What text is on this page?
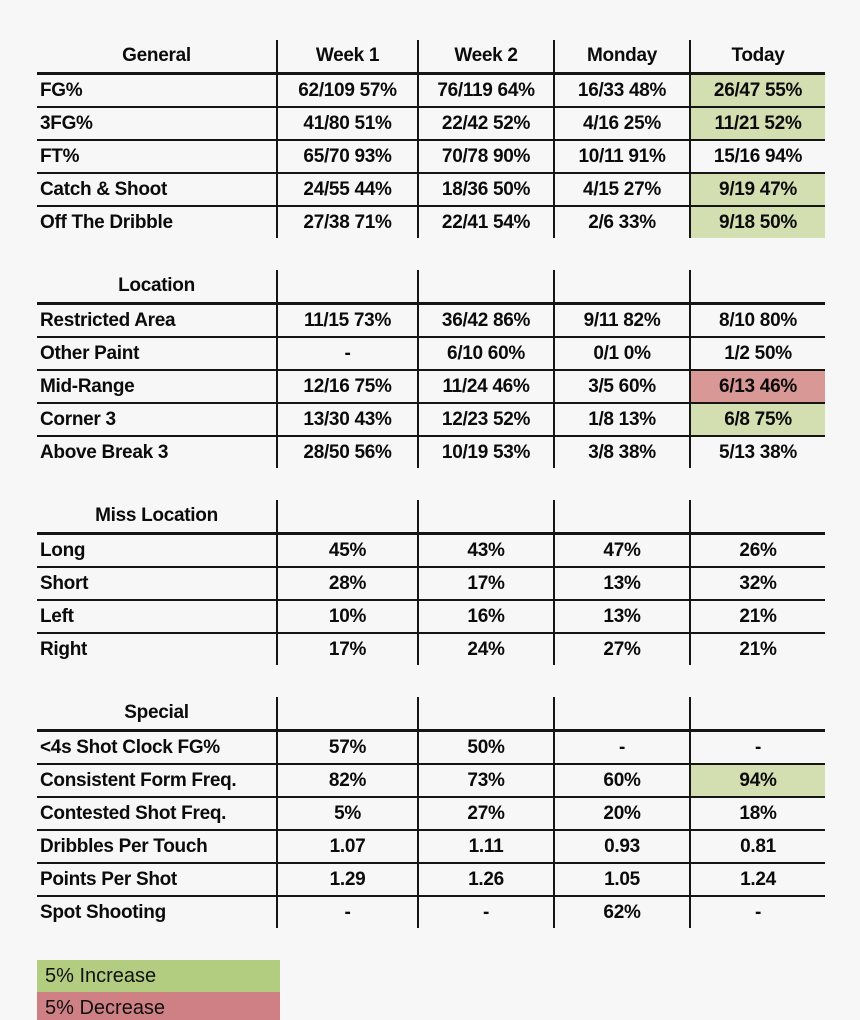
General	Week 1	Week 2	Monday	Today
FG%	62/109 57%	76/119 64%	16/33 48%	26/47 55%
3FG%	41/80 51%	22/42 52%	4/16 25%	11/21 52%
FT%	65/70 93%	70/78 90%	10/11 91%	15/16 94%
Catch & Shoot	24/55 44%	18/36 50%	4/15 27%	9/19 47%
Off The Dribble	27/38 71%	22/41 54%	2/6 33%	9/18 50%
Location				
Restricted Area	11/15 73%	36/42 86%	9/11 82%	8/10 80%
Other Paint	-	6/10 60%	0/1 0%	1/2 50%
Mid-Range	12/16 75%	11/24 46%	3/5 60%	6/13 46%
Corner 3	13/30 43%	12/23 52%	1/8 13%	6/8 75%
Above Break 3	28/50 56%	10/19 53%	3/8 38%	5/13 38%
Miss Location				
Long	45%	43%	47%	26%
Short	28%	17%	13%	32%
Left	10%	16%	13%	21%
Right	17%	24%	27%	21%
Special				
<4s Shot Clock FG%	57%	50%	-	-
Consistent Form Freq.	82%	73%	60%	94%
Contested Shot Freq.	5%	27%	20%	18%
Dribbles Per Touch	1.07	1.11	0.93	0.81
Points Per Shot	1.29	1.26	1.05	1.24
Spot Shooting	-	-	62%	-
5% Increase
5% Decrease
